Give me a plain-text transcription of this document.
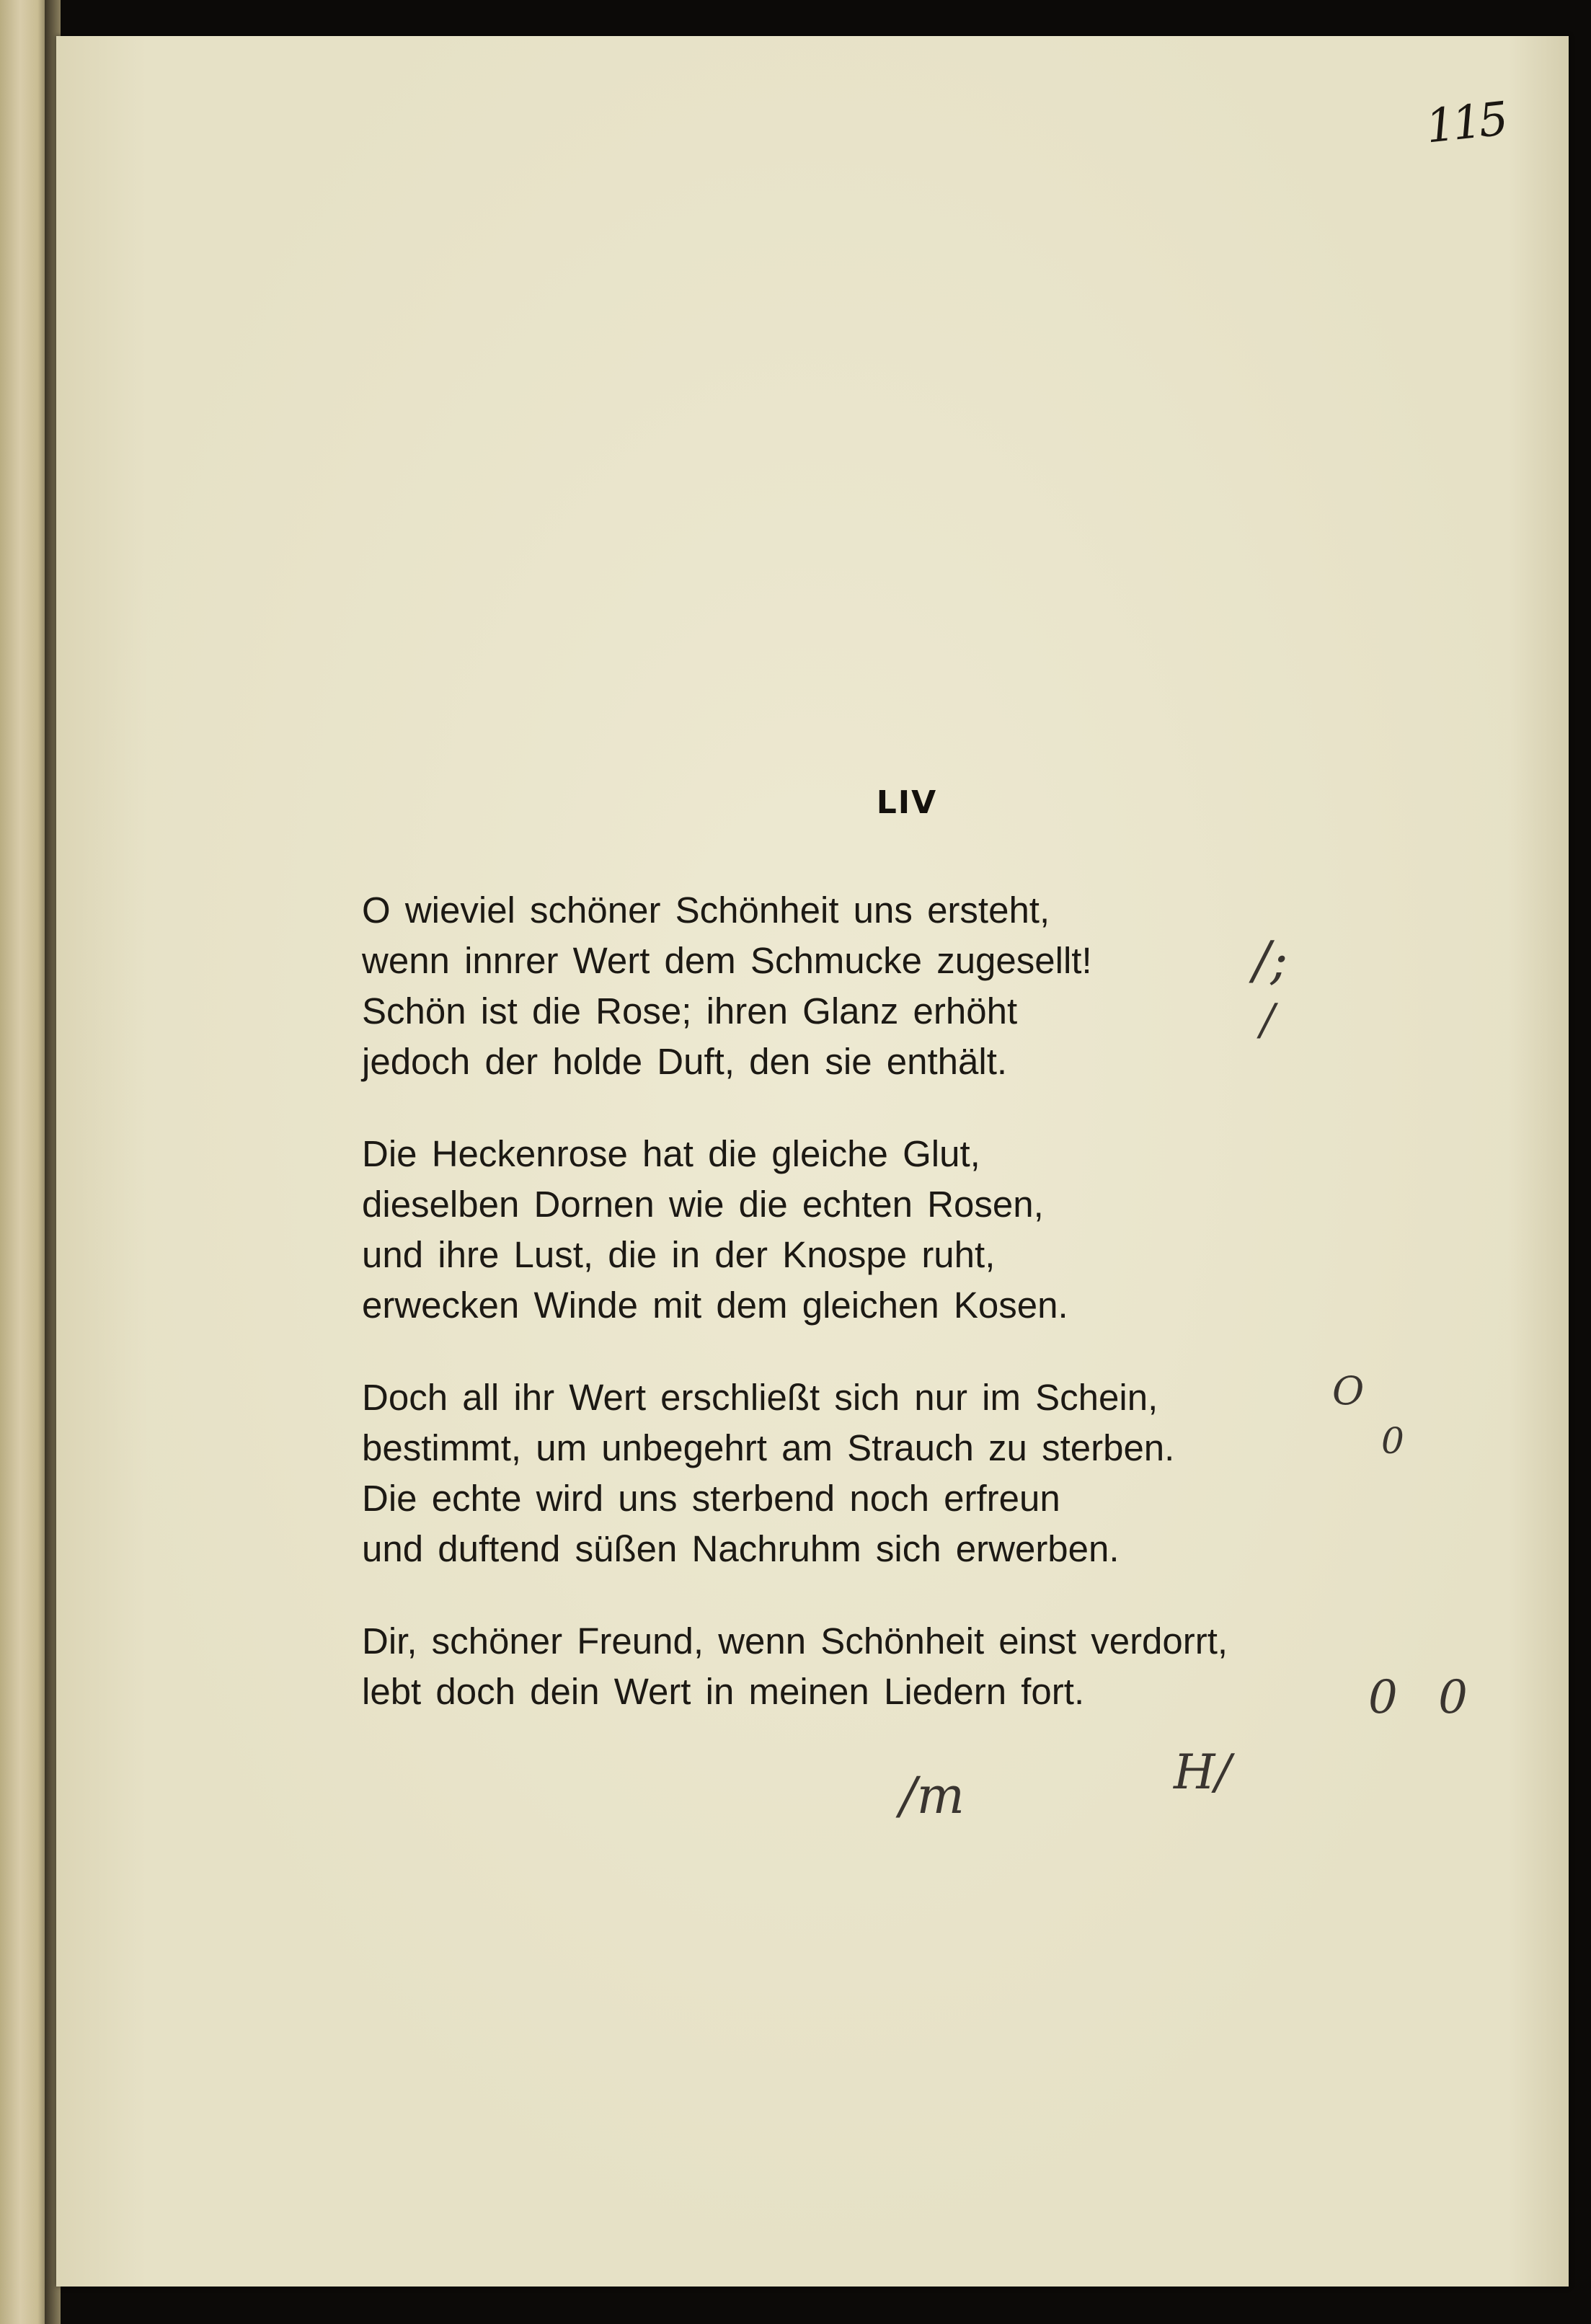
115
LIV
O wieviel schöner Schönheit uns ersteht,
wenn innrer Wert dem Schmucke zugesellt!
Schön ist die Rose; ihren Glanz erhöht
jedoch der holde Duft, den sie enthält.
Die Heckenrose hat die gleiche Glut,
dieselben Dornen wie die echten Rosen,
und ihre Lust, die in der Knospe ruht,
erwecken Winde mit dem gleichen Kosen.
Doch all ihr Wert erschließt sich nur im Schein,
bestimmt, um unbegehrt am Strauch zu sterben.
Die echte wird uns sterbend noch erfreun
und duftend süßen Nachruhm sich erwerben.
Dir, schöner Freund, wenn Schönheit einst verdorrt,
lebt doch dein Wert in meinen Liedern fort.
/;
/
O
0
0 0
/m	H/
